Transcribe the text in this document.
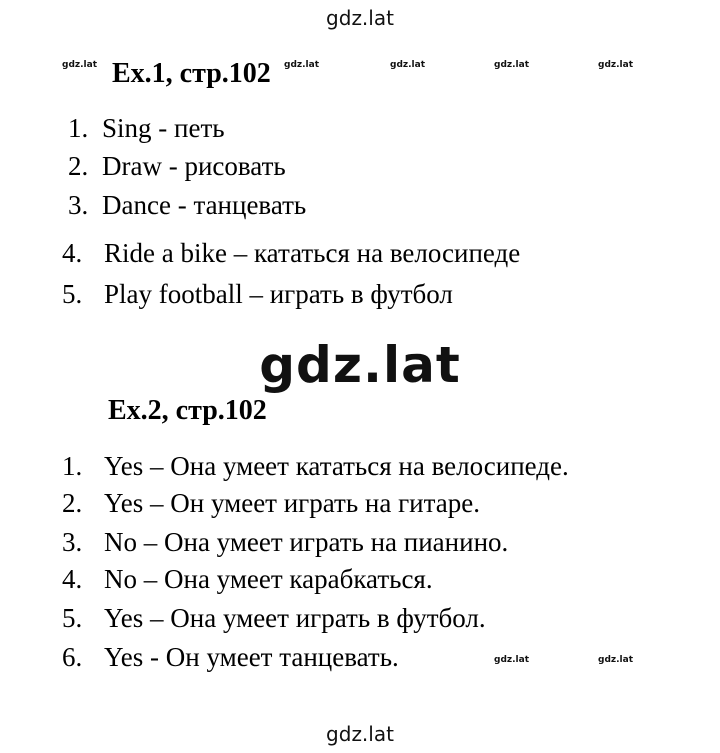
gdz.lat
gdz.lat Ex.1, стр.102 gdz.lat	gdz.lat	gdz.lat	gdz.lat
1. Sing - петь
2. Draw - рисовать
3. Dance - танцевать
4. Ride a bike – кататься на велосипеде
5. Play football – играть в футбол
gdz.lat
Ex.2, стр.102
1. Yes – Она умеет кататься на велосипеде.
2. Yes – Он умеет играть на гитаре.
3. No – Она умеет играть на пианино.
4. No – Она умеет карабкаться.
5. Yes – Она умеет играть в футбол.
6. Yes - Он умеет танцевать.	gdz.lat	gdz.lat
gdz.lat
